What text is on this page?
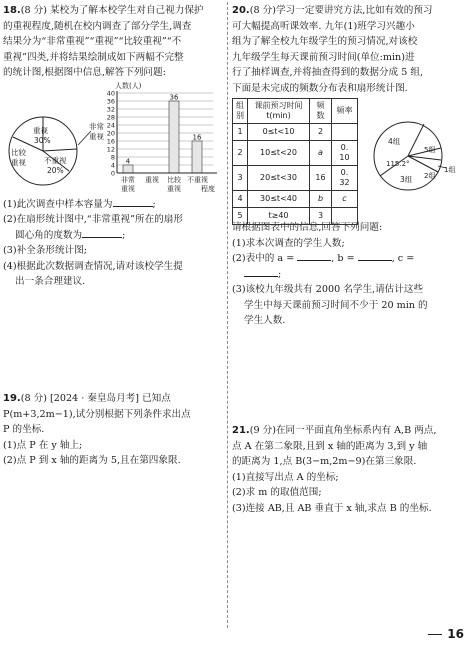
18.(8 分) 某校为了解本校学生对自己视力保护

的重视程度,随机在校内调查了部分学生,调查

结果分为“非常重视”“重视”“比较重视”“不

重视”四类,并将结果绘制成如下两幅不完整

的统计图,根据图中信息,解答下列问题:

重视
30%
比较
重视 不重视
20%
非常
重视
40
36
32
28
24
20
16
12
8
4
0
4
36
16
人数(人)
非常
重视
重视 比较
重视
不重视
程度

(1)此次调查中样本容量为	;

(2)在扇形统计图中,“非常重视”所在的扇形

圆心角的度数为	;

(3)补全条形统计图;

(4)根据此次数据调查情况,请对该校学生提

出一条合理建议.

19.(8 分) [2024 · 秦皇岛月考] 已知点

P(m+3,2m−1),试分别根据下列条件求出点

P 的坐标.

(1)点 P 在 y 轴上;

(2)点 P 到 x 轴的距离为 5,且在第四象限.

20.(8 分)学习一定要讲究方法,比如有效的预习

可大幅提高听课效率. 九年(1)班学习兴趣小

组为了解全校九年级学生的预习情况,对该校

九年级学生每天课前预习时间(单位:min)进

行了抽样调查,并将抽查得到的数据分成 5 组,

下面是未完成的频数分布表和扇形统计图.

组别	课前预习时间 t(min)	频数	频率
1	0≤t<10	2	
2	10≤t<20	a	0. 10
3	20≤t<30	16	0. 32
4	30≤t<40	b	c
5	t≥40	3	
4组
5组
1组
2组
115.2°
3组

请根据图表中的信息,回答下列问题:

(1)求本次调查的学生人数;

(2)表中的 a =	, b =	, c =

;

(3)该校九年级共有 2000 名学生,请估计这些

学生中每天课前预习时间不少于 20 min 的

学生人数.

21.(9 分)在同一平面直角坐标系内有 A,B 两点,

点 A 在第二象限,且到 x 轴的距离为 3,到 y 轴

的距离为 1,点 B(3−m,2m−9)在第三象限.

(1)直接写出点 A 的坐标;

(2)求 m 的取值范围;

(3)连接 AB,且 AB 垂直于 x 轴,求点 B 的坐标.

16
